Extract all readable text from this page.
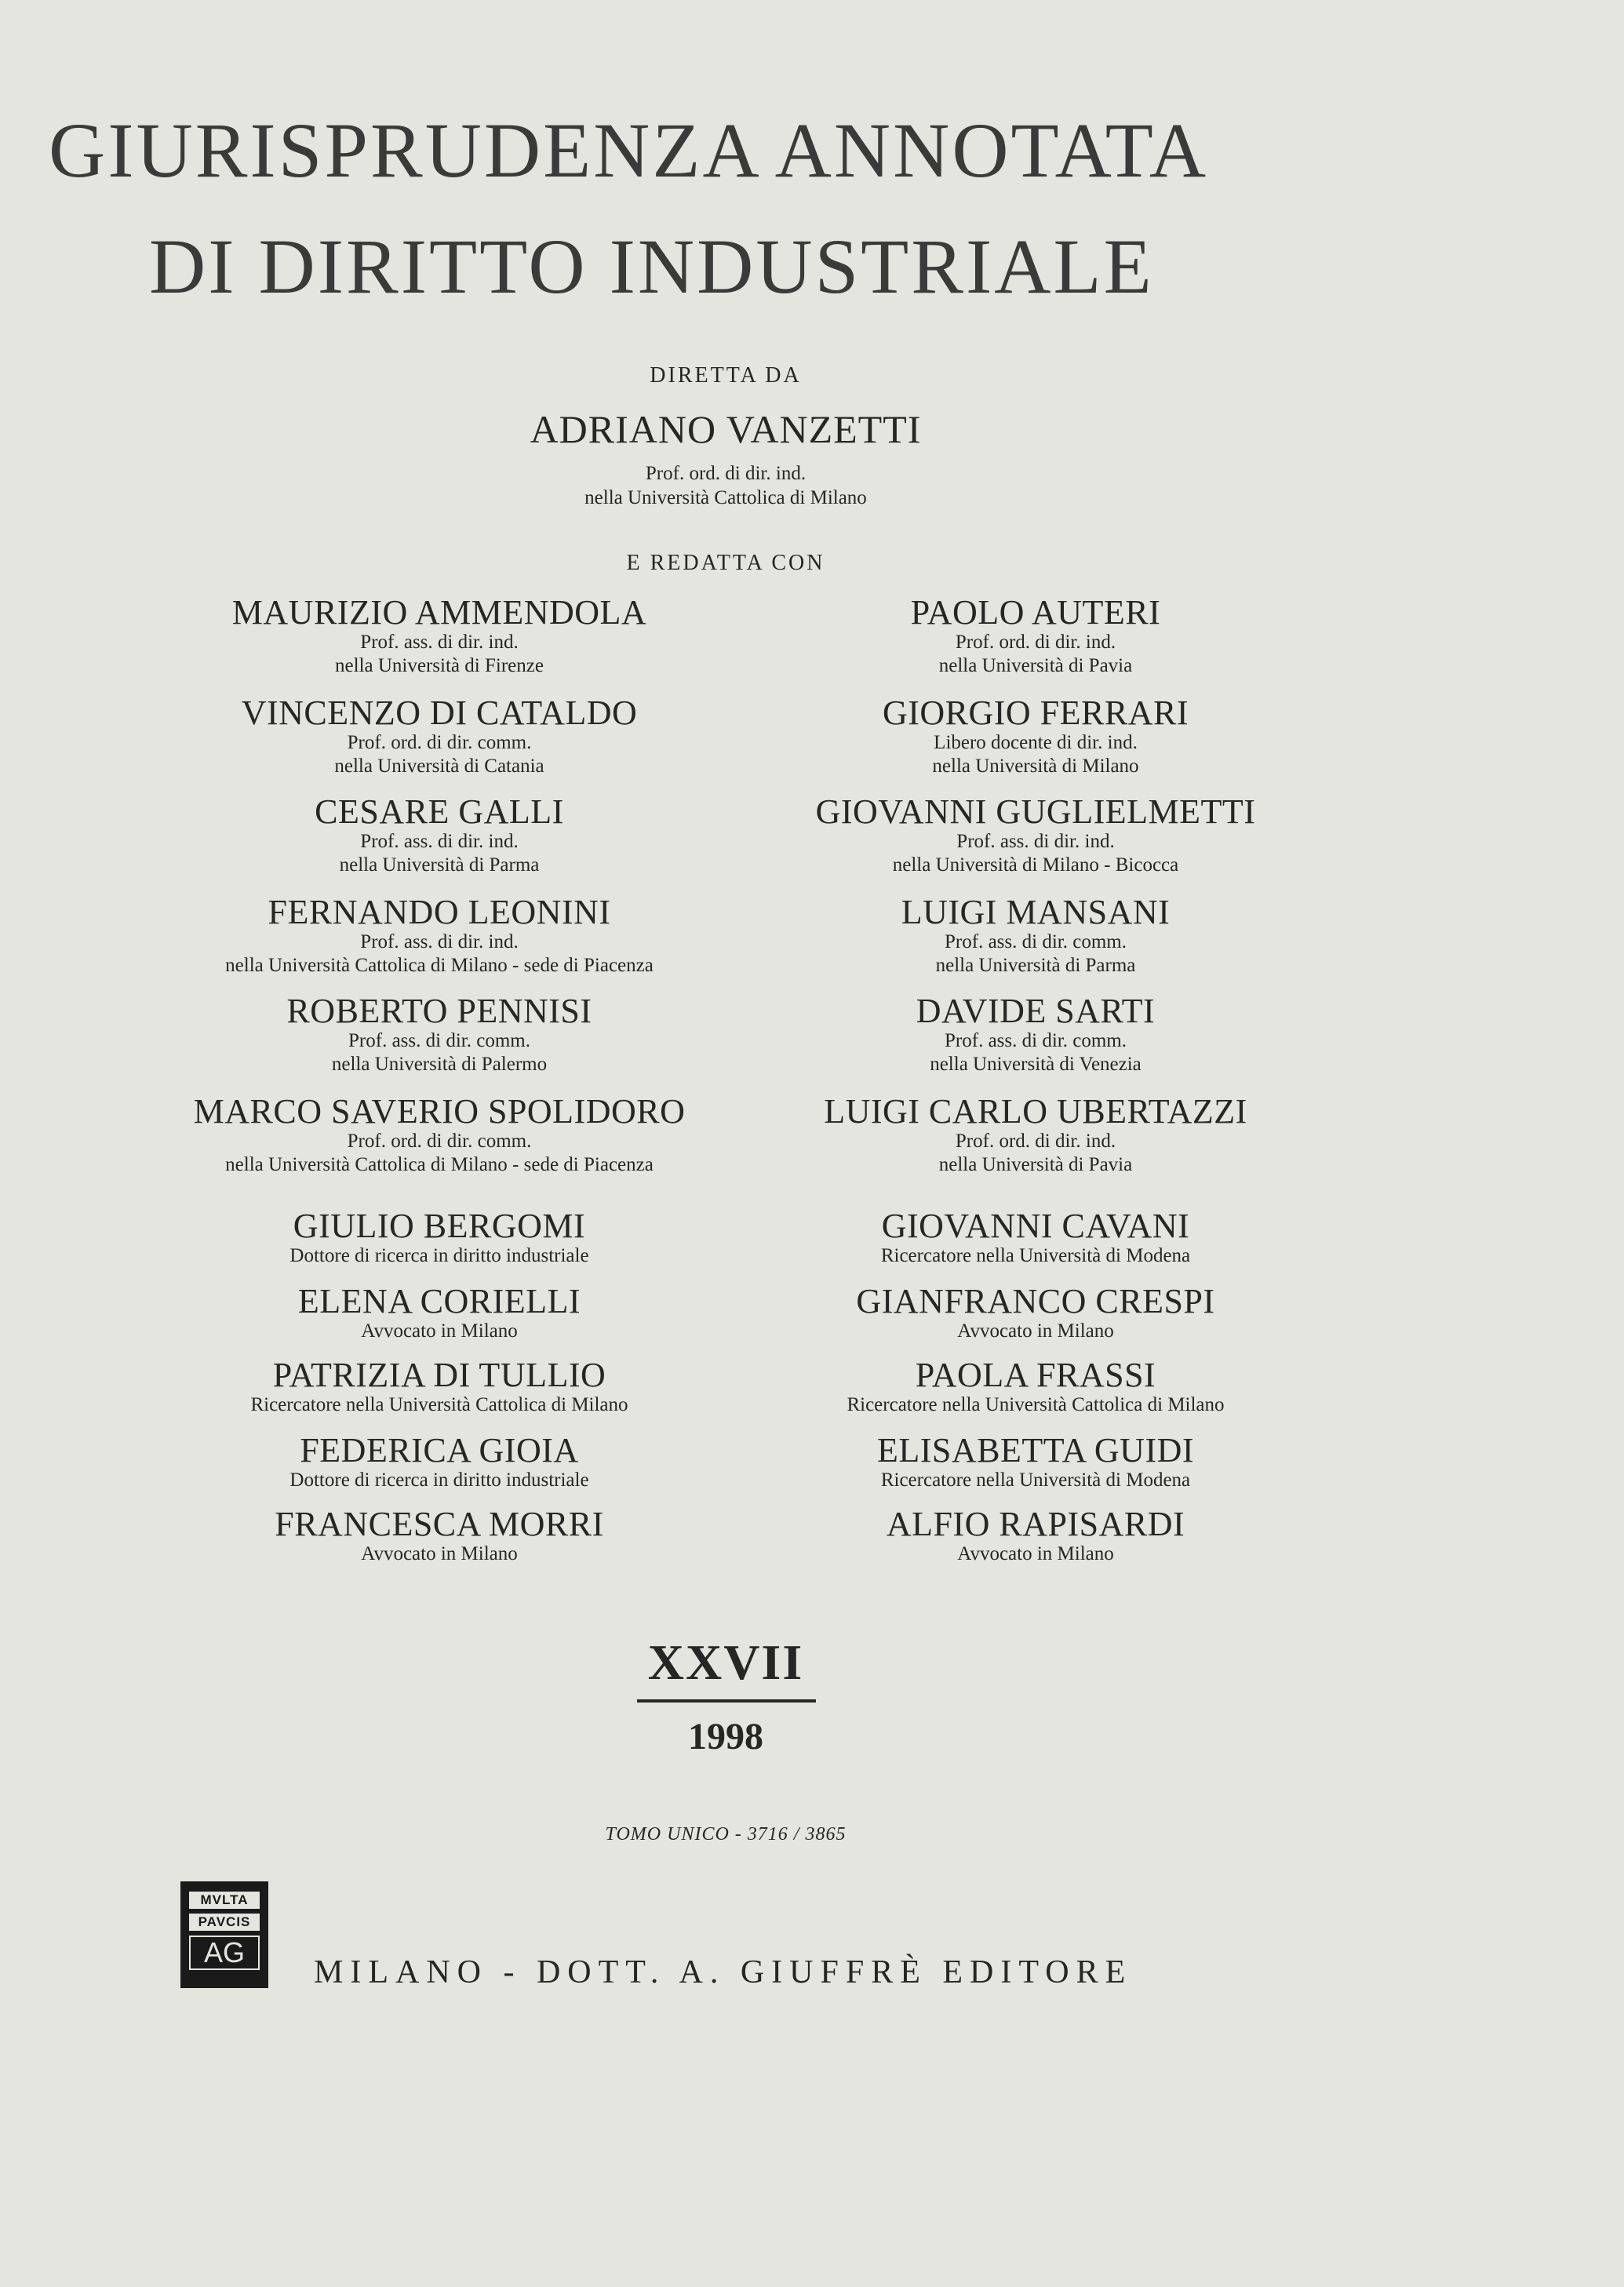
GIURISPRUDENZA ANNOTATA
DI DIRITTO INDUSTRIALE
DIRETTA DA
ADRIANO VANZETTI
Prof. ord. di dir. ind.
nella Università Cattolica di Milano
E REDATTA CON
MAURIZIO AMMENDOLA
Prof. ass. di dir. ind.
nella Università di Firenze
VINCENZO DI CATALDO
Prof. ord. di dir. comm.
nella Università di Catania
CESARE GALLI
Prof. ass. di dir. ind.
nella Università di Parma
FERNANDO LEONINI
Prof. ass. di dir. ind.
nella Università Cattolica di Milano - sede di Piacenza
ROBERTO PENNISI
Prof. ass. di dir. comm.
nella Università di Palermo
MARCO SAVERIO SPOLIDORO
Prof. ord. di dir. comm.
nella Università Cattolica di Milano - sede di Piacenza
GIULIO BERGOMI
Dottore di ricerca in diritto industriale
ELENA CORIELLI
Avvocato in Milano
PATRIZIA DI TULLIO
Ricercatore nella Università Cattolica di Milano
FEDERICA GIOIA
Dottore di ricerca in diritto industriale
FRANCESCA MORRI
Avvocato in Milano
PAOLO AUTERI
Prof. ord. di dir. ind.
nella Università di Pavia
GIORGIO FERRARI
Libero docente di dir. ind.
nella Università di Milano
GIOVANNI GUGLIELMETTI
Prof. ass. di dir. ind.
nella Università di Milano - Bicocca
LUIGI MANSANI
Prof. ass. di dir. comm.
nella Università di Parma
DAVIDE SARTI
Prof. ass. di dir. comm.
nella Università di Venezia
LUIGI CARLO UBERTAZZI
Prof. ord. di dir. ind.
nella Università di Pavia
GIOVANNI CAVANI
Ricercatore nella Università di Modena
GIANFRANCO CRESPI
Avvocato in Milano
PAOLA FRASSI
Ricercatore nella Università Cattolica di Milano
ELISABETTA GUIDI
Ricercatore nella Università di Modena
ALFIO RAPISARDI
Avvocato in Milano
XXVII
1998
TOMO UNICO - 3716 / 3865
MVLTA
PAVCIS
AG
MILANO - DOTT. A. GIUFFRÈ EDITORE
